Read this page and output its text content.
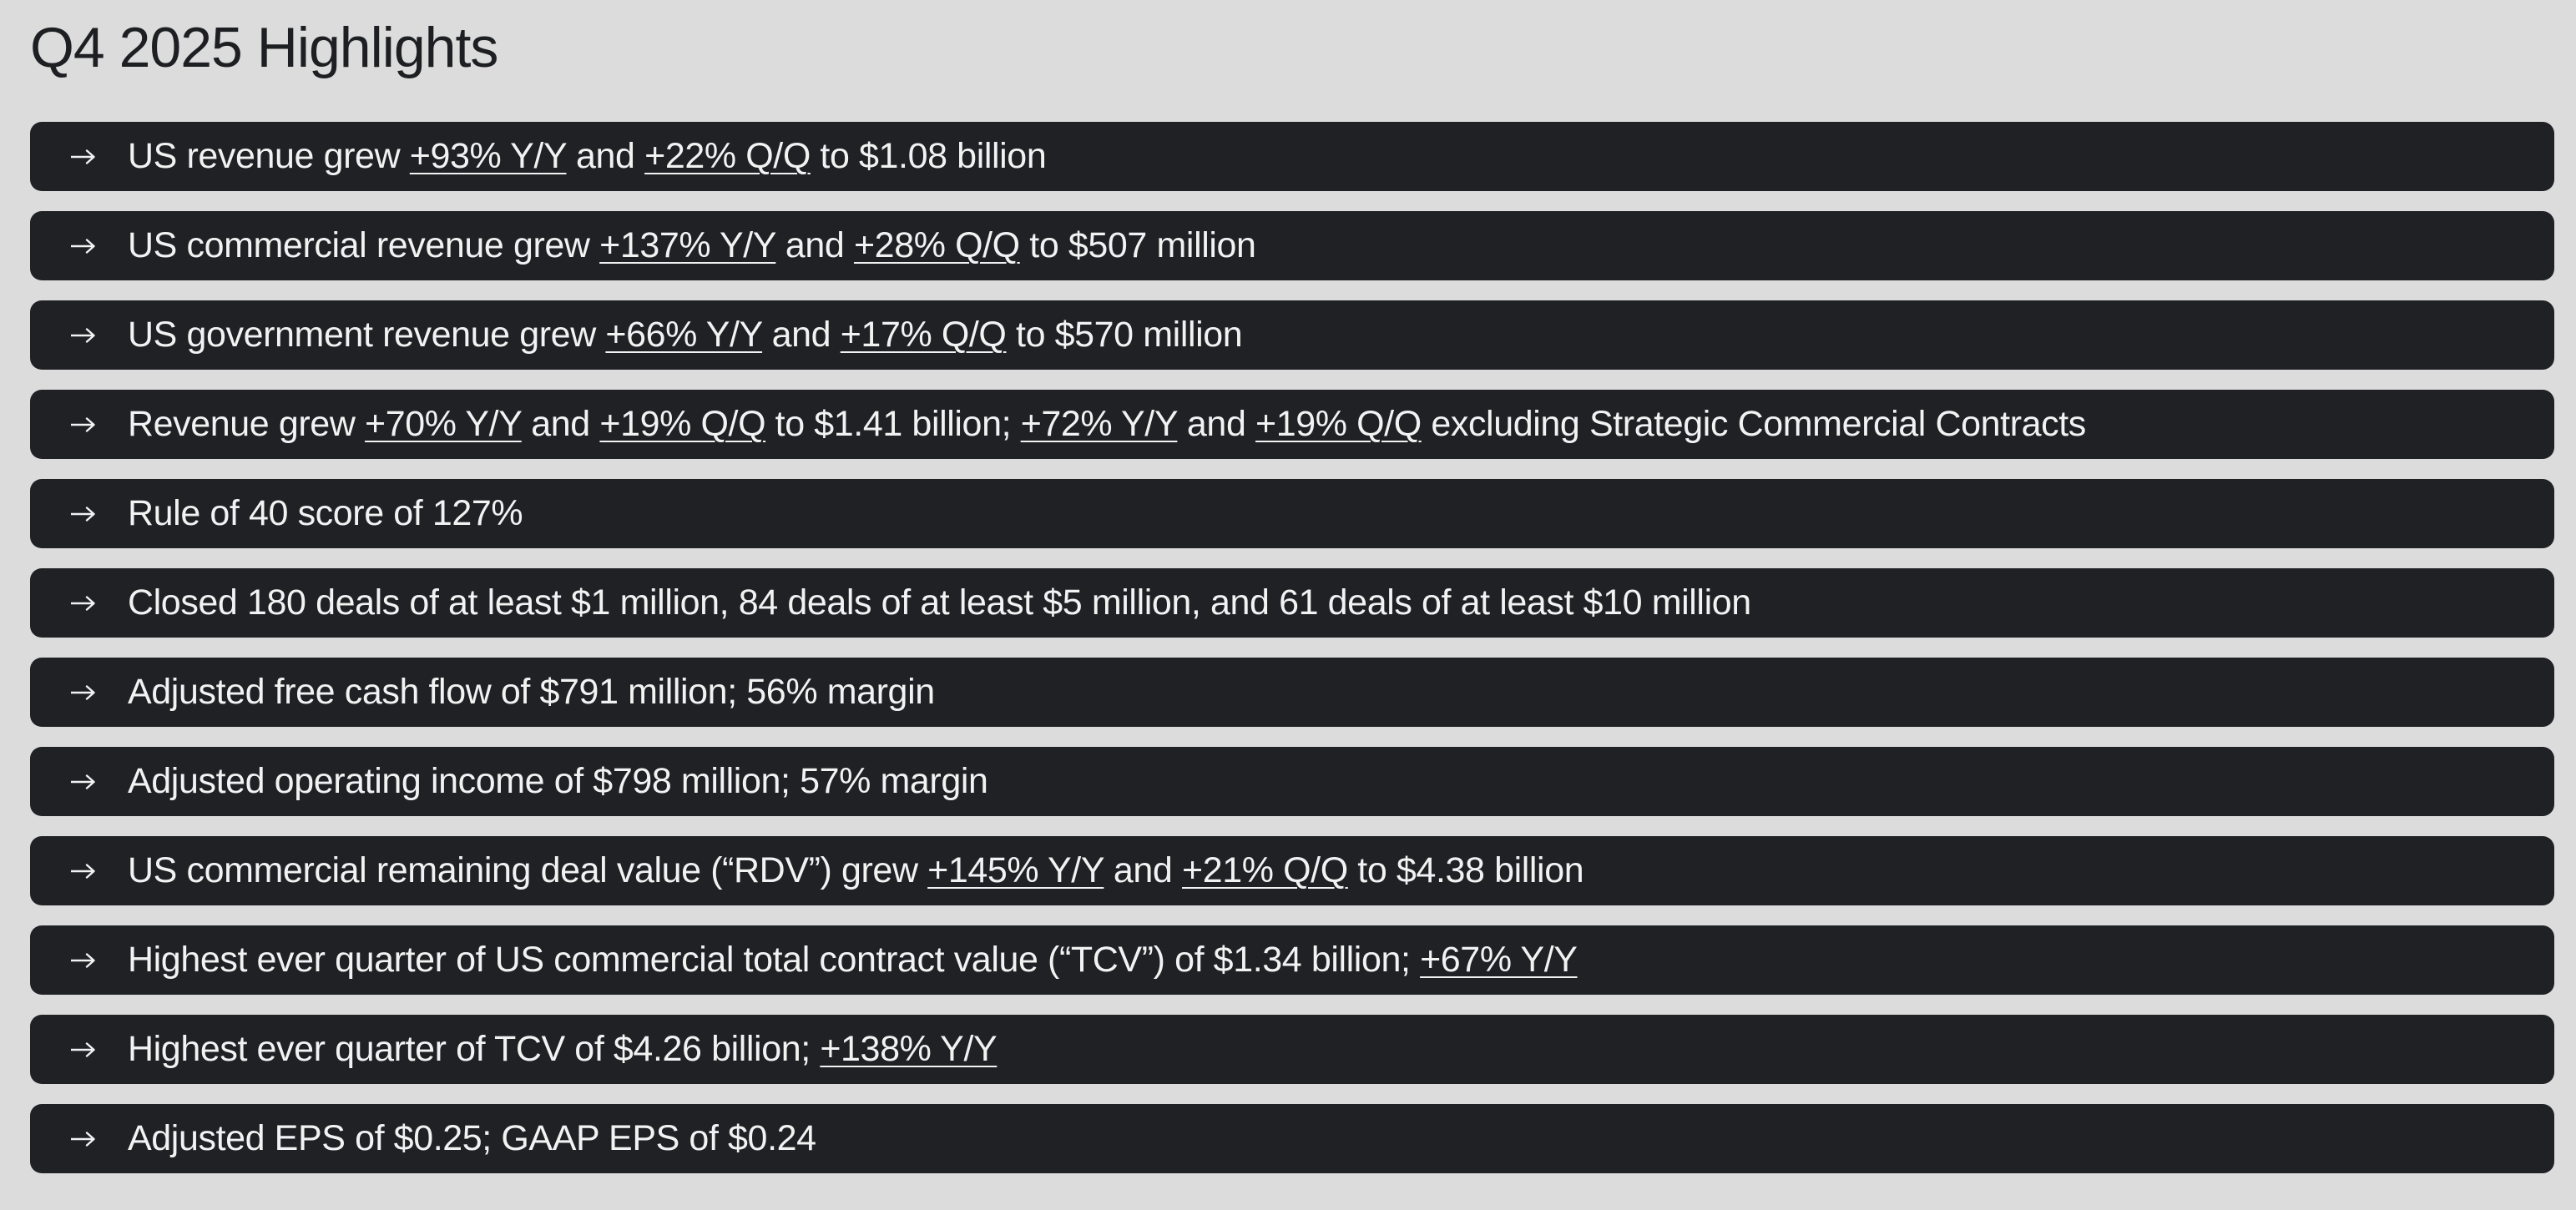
Q4 2025 Highlights
US revenue grew +93% Y/Y and +22% Q/Q to $1.08 billion
US commercial revenue grew +137% Y/Y and +28% Q/Q to $507 million
US government revenue grew +66% Y/Y and +17% Q/Q to $570 million
Revenue grew +70% Y/Y and +19% Q/Q to $1.41 billion; +72% Y/Y and +19% Q/Q excluding Strategic Commercial Contracts
Rule of 40 score of 127%
Closed 180 deals of at least $1 million, 84 deals of at least $5 million, and 61 deals of at least $10 million
Adjusted free cash flow of $791 million; 56% margin
Adjusted operating income of $798 million; 57% margin
US commercial remaining deal value (“RDV”) grew +145% Y/Y and +21% Q/Q to $4.38 billion
Highest ever quarter of US commercial total contract value (“TCV”) of $1.34 billion; +67% Y/Y
Highest ever quarter of TCV of $4.26 billion; +138% Y/Y
Adjusted EPS of $0.25; GAAP EPS of $0.24
